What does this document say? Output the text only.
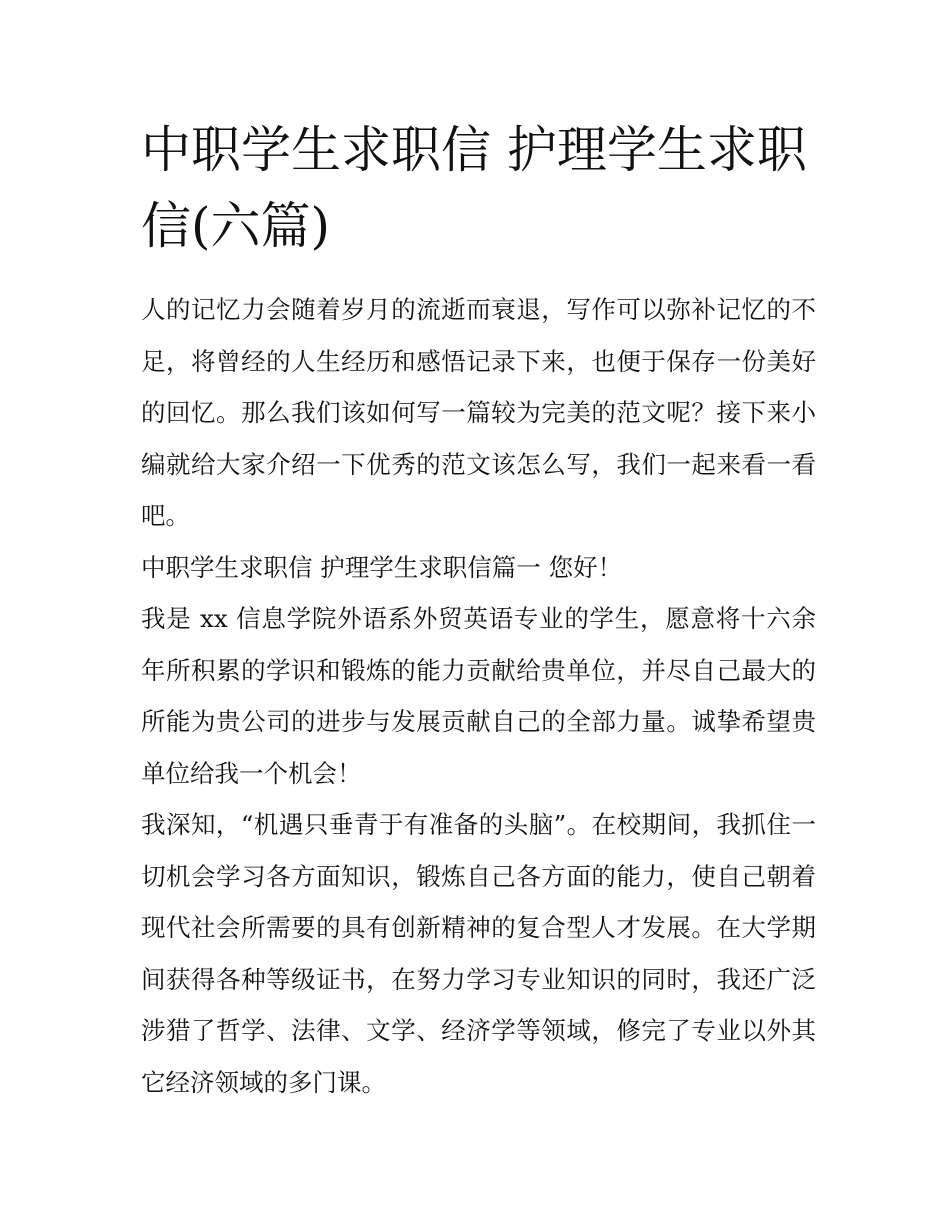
中职学生求职信 护理学生求职信(六篇)

人的记忆力会随着岁月的流逝而衰退，写作可以弥补记忆的不足，将曾经的人生经历和感悟记录下来，也便于保存一份美好的回忆。那么我们该如何写一篇较为完美的范文呢？接下来小编就给大家介绍一下优秀的范文该怎么写，我们一起来看一看吧。

中职学生求职信 护理学生求职信篇一 您好！

我是 xx 信息学院外语系外贸英语专业的学生，愿意将十六余年所积累的学识和锻炼的能力贡献给贵单位，并尽自己最大的所能为贵公司的进步与发展贡献自己的全部力量。诚挚希望贵单位给我一个机会！

我深知，“机遇只垂青于有准备的头脑”。在校期间，我抓住一切机会学习各方面知识，锻炼自己各方面的能力，使自己朝着现代社会所需要的具有创新精神的复合型人才发展。在大学期间获得各种等级证书，在努力学习专业知识的同时，我还广泛涉猎了哲学、法律、文学、经济学等领域，修完了专业以外其它经济领域的多门课。
